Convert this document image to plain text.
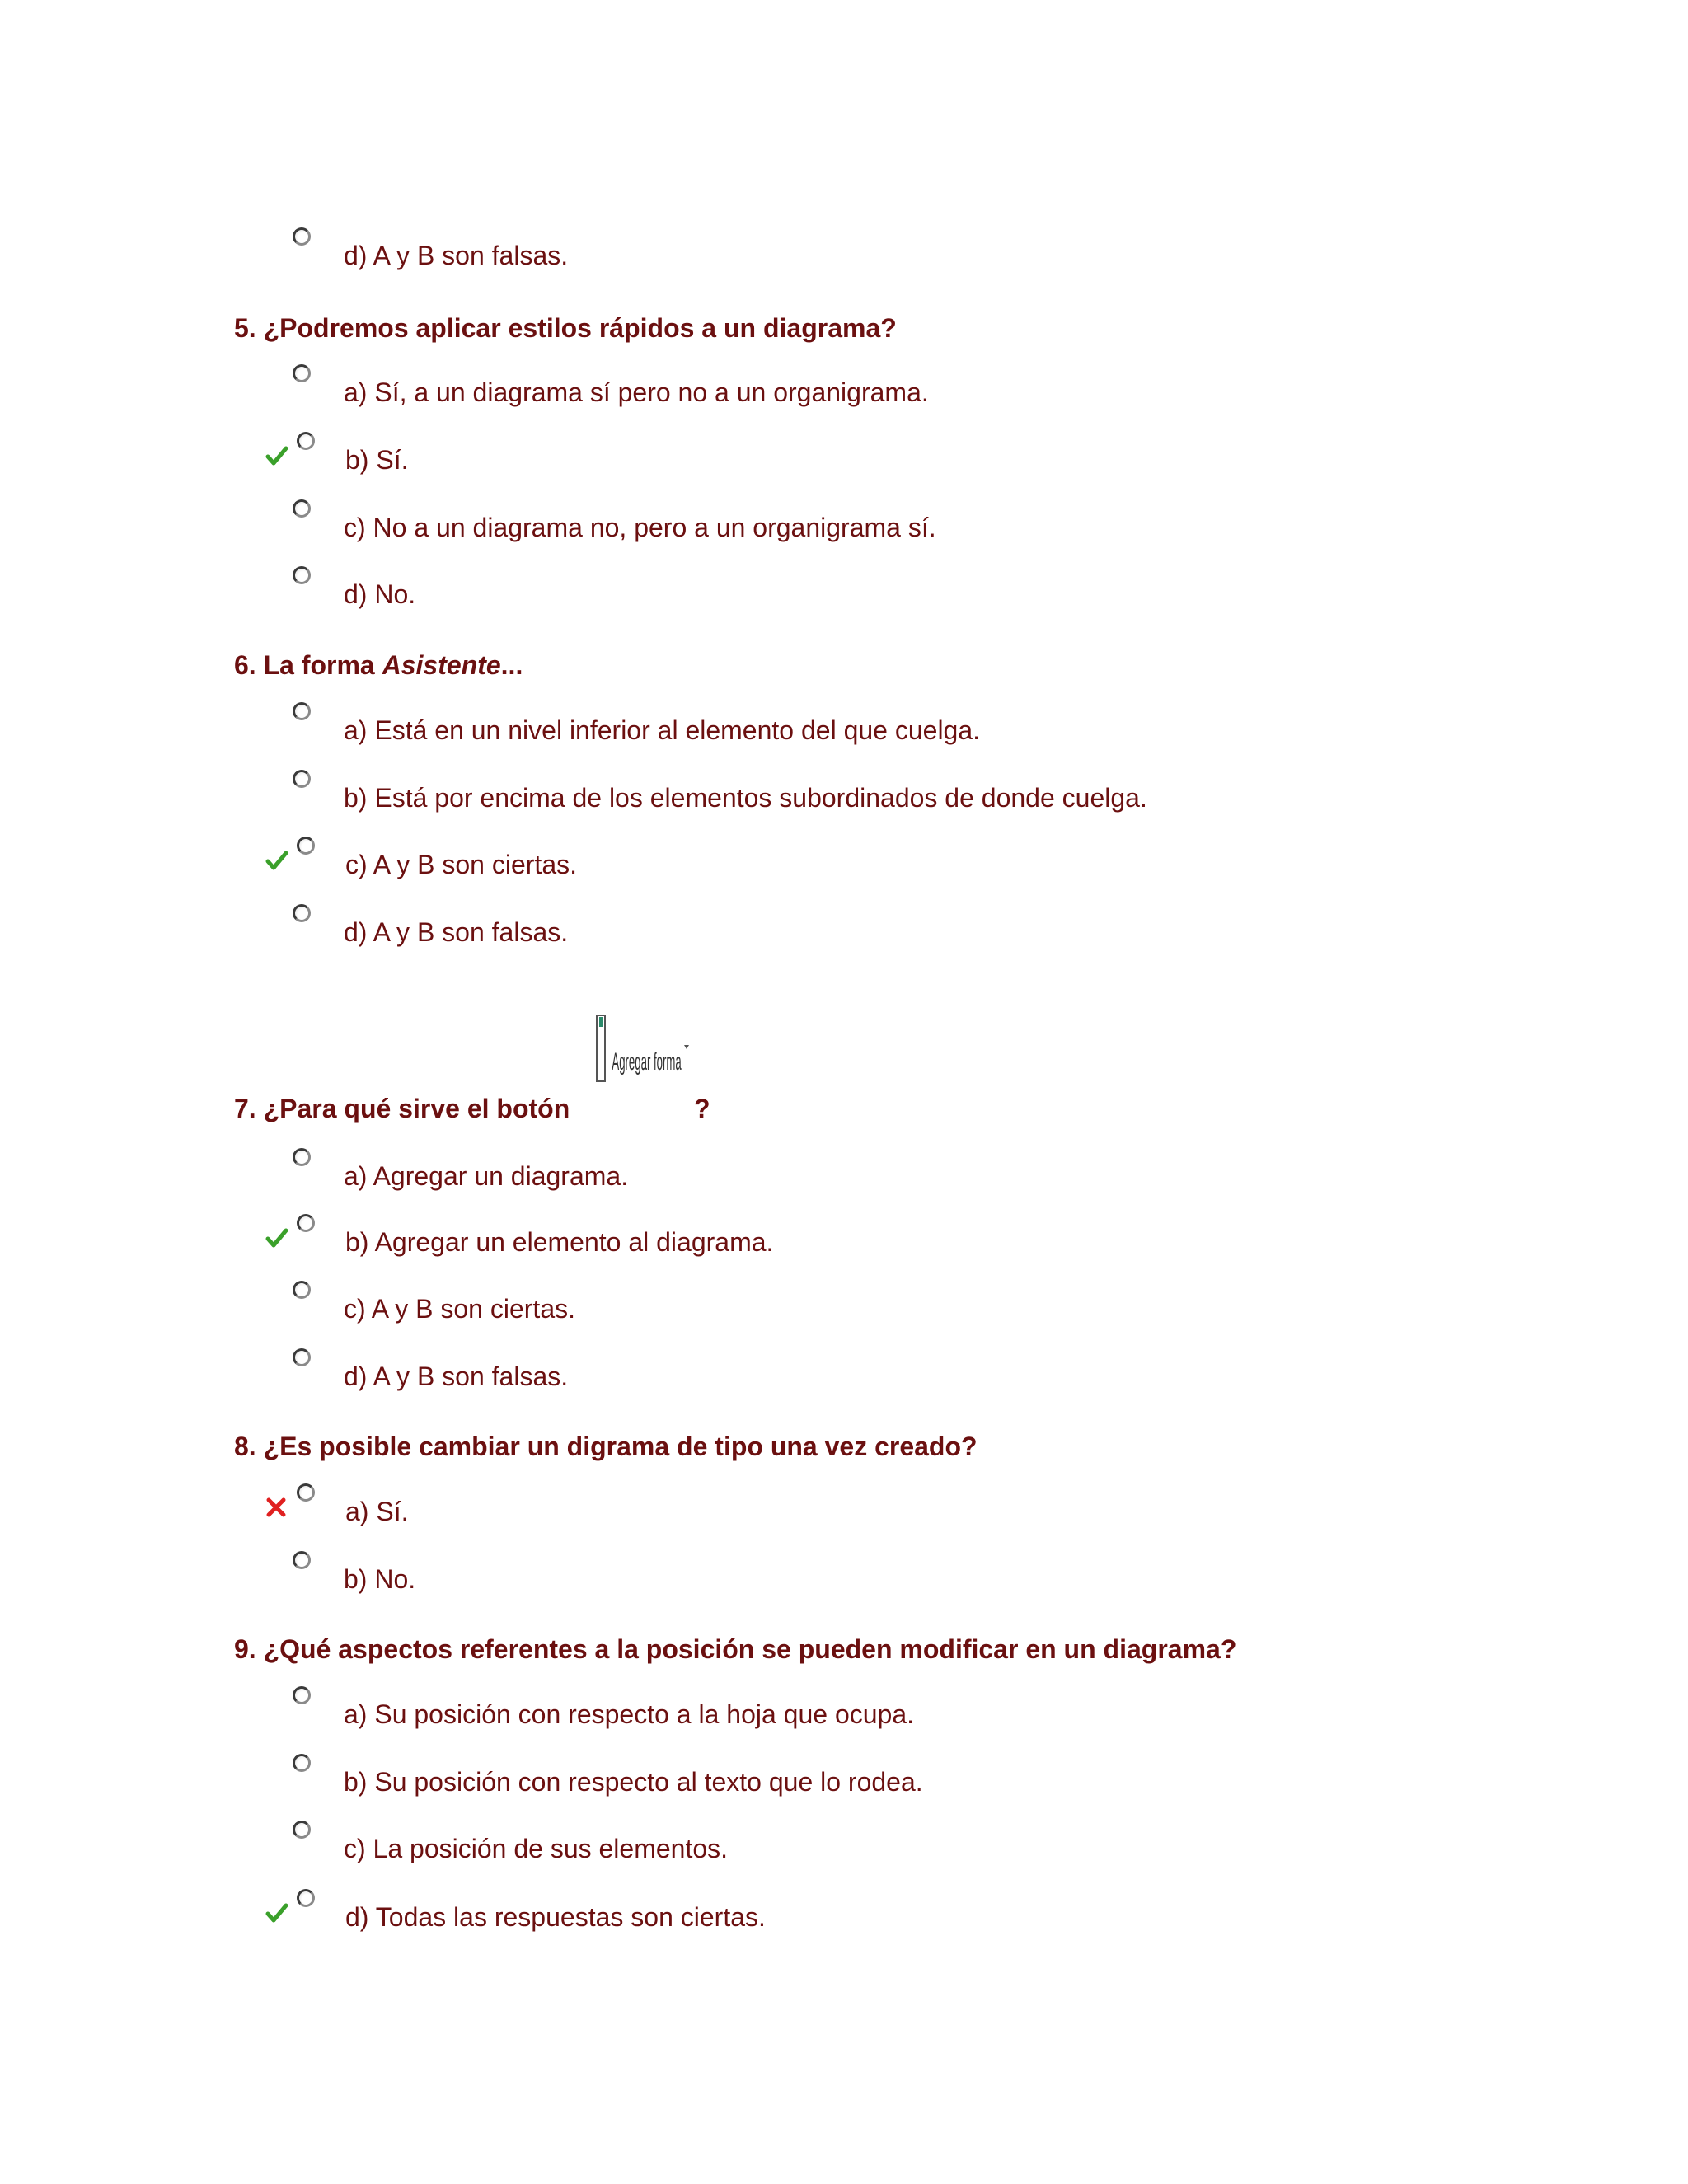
d) A y B son falsas.
5. ¿Podremos aplicar estilos rápidos a un diagrama?
a) Sí, a un diagrama sí pero no a un organigrama.
b) Sí.
c) No a un diagrama no, pero a un organigrama sí.
d) No.
6. La forma Asistente...
a) Está en un nivel inferior al elemento del que cuelga.
b) Está por encima de los elementos subordinados de donde cuelga.
c) A y B son ciertas.
d) A y B son falsas.
Agregar forma
7. ¿Para qué sirve el botón	?
a) Agregar un diagrama.
b) Agregar un elemento al diagrama.
c) A y B son ciertas.
d) A y B son falsas.
8. ¿Es posible cambiar un digrama de tipo una vez creado?
a) Sí.
b) No.
9. ¿Qué aspectos referentes a la posición se pueden modificar en un diagrama?
a) Su posición con respecto a la hoja que ocupa.
b) Su posición con respecto al texto que lo rodea.
c) La posición de sus elementos.
d) Todas las respuestas son ciertas.
